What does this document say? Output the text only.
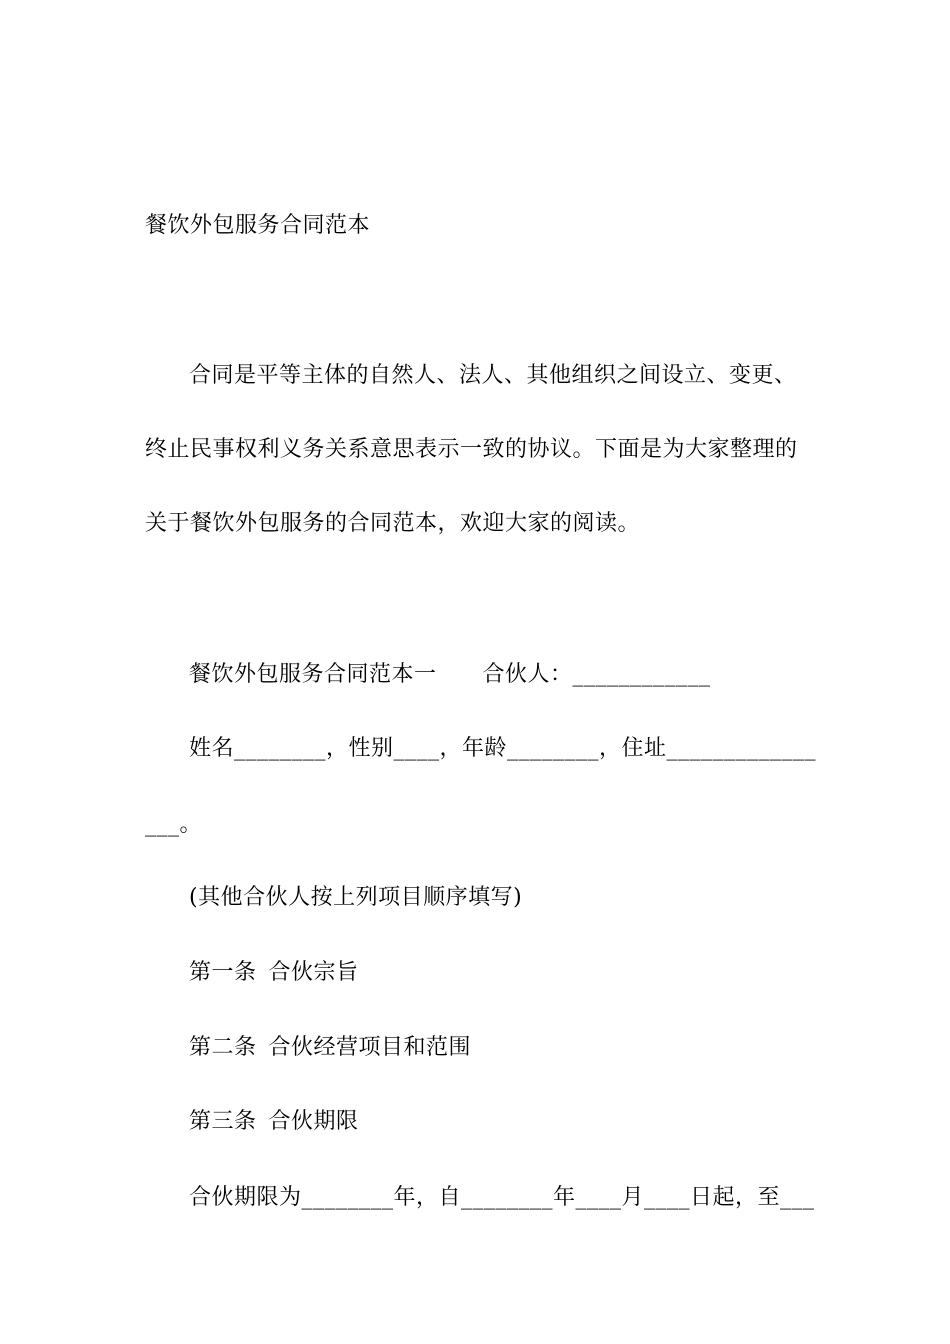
餐饮外包服务合同范本
合同是平等主体的自然人、法人、其他组织之间设立、变更、
终止民事权利义务关系意思表示一致的协议。下面是为大家整理的
关于餐饮外包服务的合同范本，欢迎大家的阅读。
餐饮外包服务合同范本一 合伙人：____________
姓名________，性别____，年龄________，住址_____________
___。
(其他合伙人按上列项目顺序填写)
第一条 合伙宗旨
第二条 合伙经营项目和范围
第三条 合伙期限
合伙期限为________年，自________年____月____日起，至___
